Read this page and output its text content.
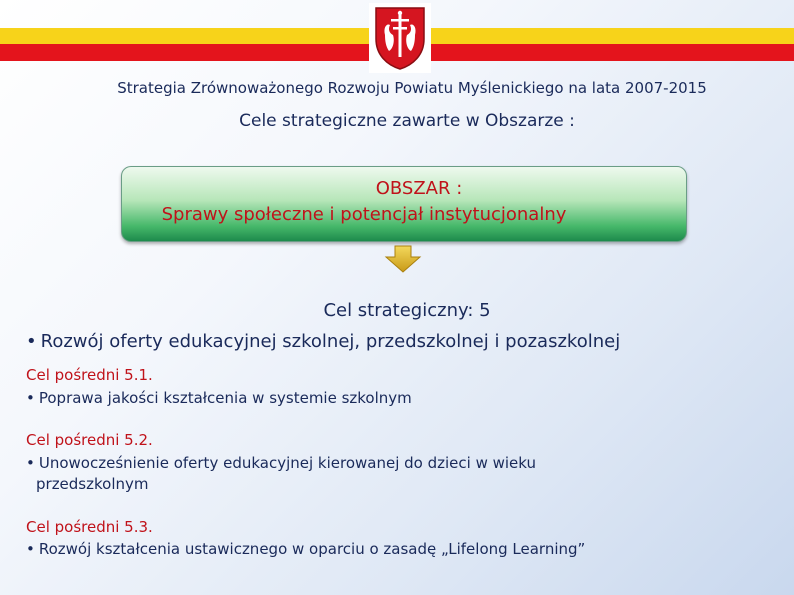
Strategia Zrównoważonego Rozwoju Powiatu Myślenickiego na lata 2007-2015
Cele strategiczne zawarte w Obszarze :
OBSZAR :
Sprawy społeczne i potencjał instytucjonalny
Cel strategiczny: 5
• Rozwój oferty edukacyjnej szkolnej, przedszkolnej i pozaszkolnej
Cel pośredni 5.1.
• Poprawa jakości kształcenia w systemie szkolnym
Cel pośredni 5.2.
• Unowocześnienie oferty edukacyjnej kierowanej do dzieci w wieku
przedszkolnym
Cel pośredni 5.3.
• Rozwój kształcenia ustawicznego w oparciu o zasadę „Lifelong Learning”
